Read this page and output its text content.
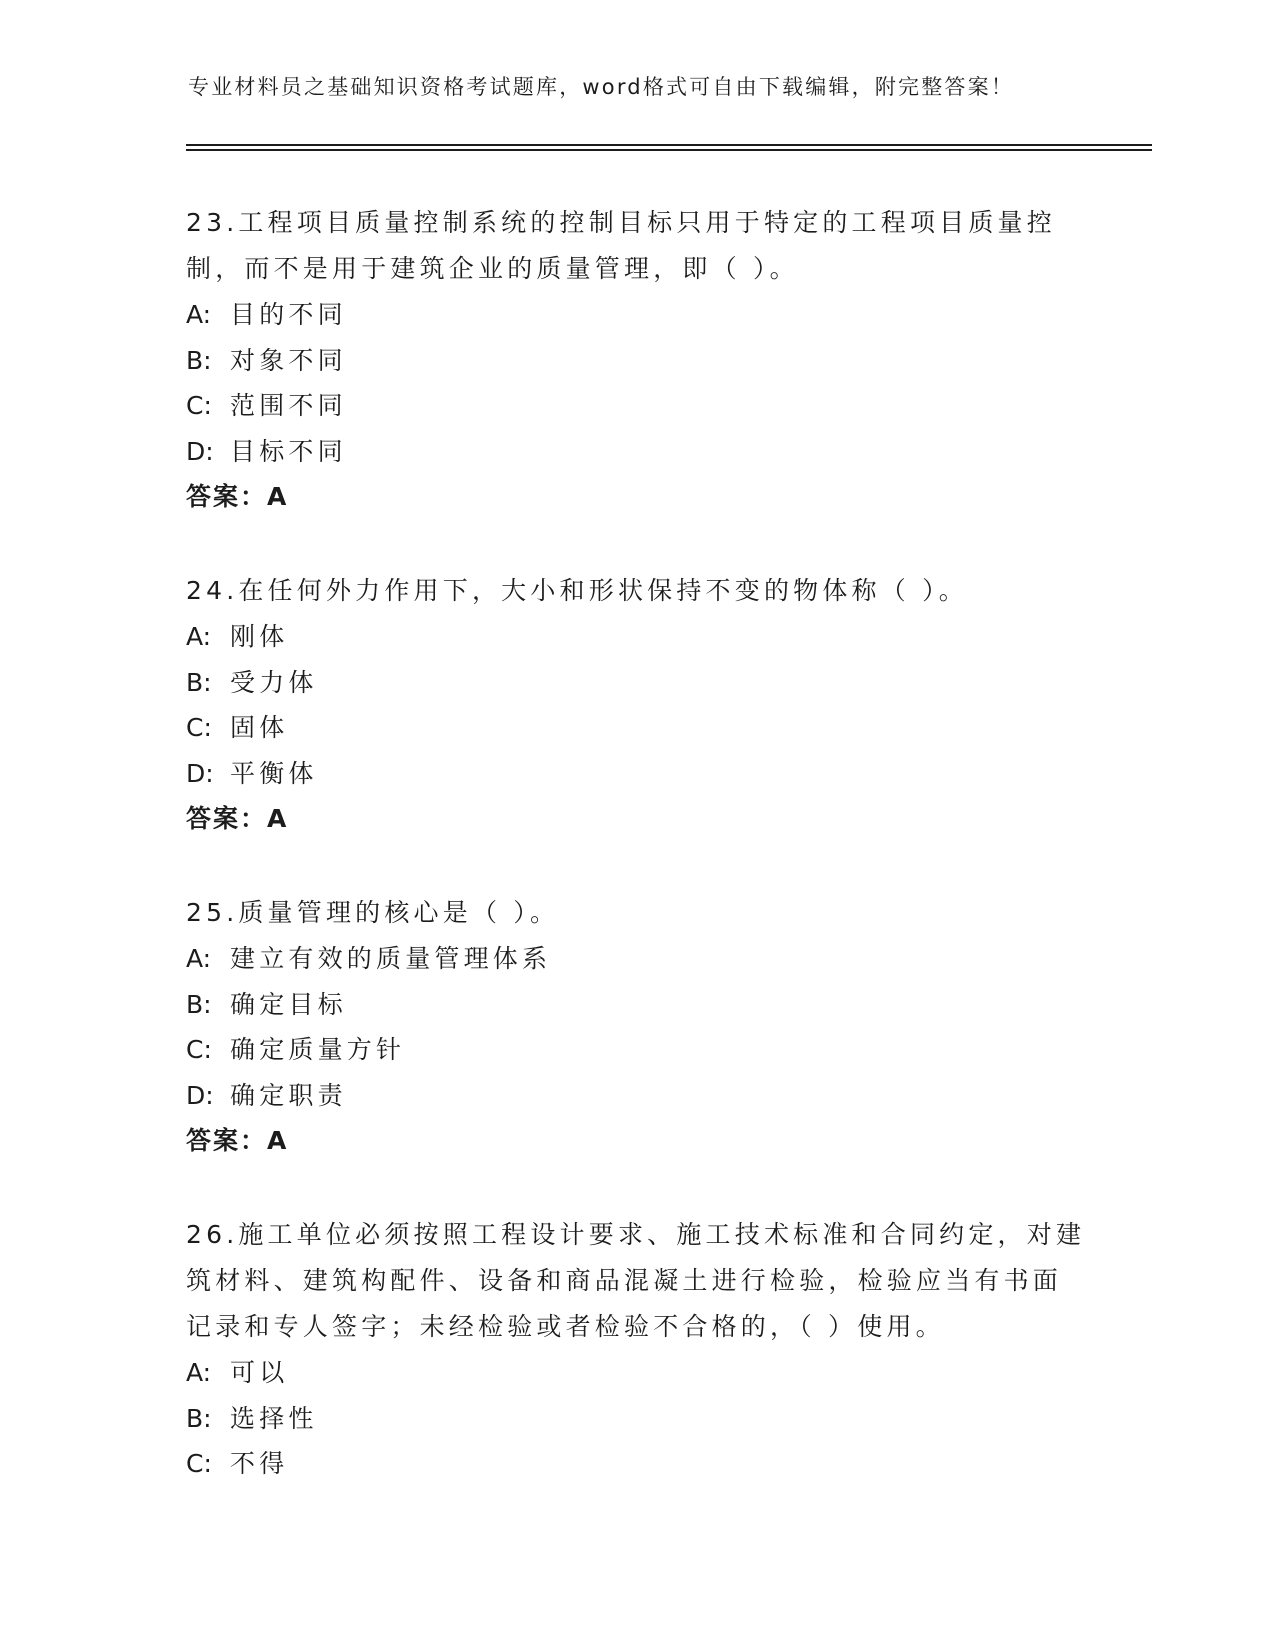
专业材料员之基础知识资格考试题库，word格式可自由下载编辑，附完整答案！
23.工程项目质量控制系统的控制目标只用于特定的工程项目质量控制，而不是用于建筑企业的质量管理，即（ ）。
A: 目的不同
B: 对象不同
C: 范围不同
D: 目标不同
答案：A
24.在任何外力作用下，大小和形状保持不变的物体称（ ）。
A: 刚体
B: 受力体
C: 固体
D: 平衡体
答案：A
25.质量管理的核心是（ ）。
A: 建立有效的质量管理体系
B: 确定目标
C: 确定质量方针
D: 确定职责
答案：A
26.施工单位必须按照工程设计要求、施工技术标准和合同约定，对建筑材料、建筑构配件、设备和商品混凝土进行检验，检验应当有书面记录和专人签字；未经检验或者检验不合格的，（ ）使用。
A: 可以
B: 选择性
C: 不得
